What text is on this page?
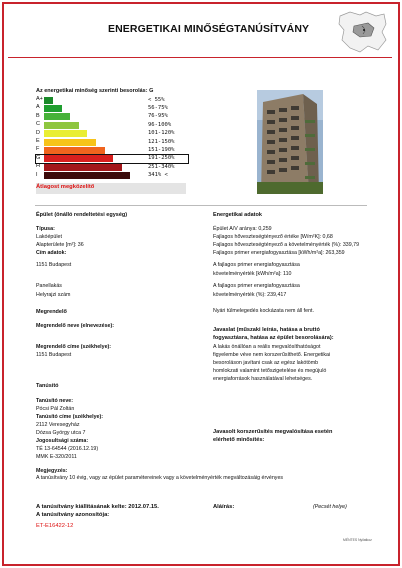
ENERGETIKAI MINŐSÉGTANÚSÍTVÁNY
Az energetikai minőség szerinti besorolás: G
A+	< 55%
A	56-75%
B	76-95%
C	96-100%
D	101-120%
E	121-150%
F	151-190%
G	191-250%
H	251-340%
I	341% <
Átlagost megközelítő
Épület (önálló rendeltetési egység)	Energetikai adatok
Típusa:
Lakóépület
Alapterülete [m²]: 36
Cím adatok:
1151 Budapest
Panellakás
Helyrajzi szám
Épület A/V aránya: 0,259
Fajlagos hőveszteségtényező értéke [W/m²K]: 0,68
Fajlagos hőveszteségtényező a követelményérték (%): 339,79
Fajlagos primer energiafogyasztása [kWh/m²a]: 263,359
A fajlagos primer energiafogyasztása
követelményérték [kWh/m²a]: 110
A fajlagos primer energiafogyasztása
követelményérték (%): 239,417
Megrendelő	Nyári túlmelegedés kockázata nem áll fent.
Megrendelő neve (elnevezése):
Megrendelő címe (székhelye):
1151 Budapest
Javaslat (műszaki leírás, hatása a bruttó
fogyasztásra, hatása az épület besorolására):
A lakás önállóan a reális megvalósíthatóságot
figyelembe véve nem korszerűsíthető. Energetikai
besoroláson javítani csak az egész lakótömb
homlokzati valamint tetőszigetelése és megújuló
energiaforrások használatával lehetséges.
Tanúsító
Tanúsító neve:
Pócsi Pál Zoltán
Tanúsító címe (székhelye):
2112 Veresegyház
Dózsa György utca 7
Jogosultsági száma:
TÉ 13-64544 (2016.12.19)
MMK E-320/2011
Javasolt korszerűsítés megvalósítása esetén
elérhető minősítés:
Megjegyzés:
A tanúsítvány 10 évig, vagy az épület paramétereinek vagy a követelményérték megváltozásáig érvényes
A tanúsítvány kiállításának kelte: 2012.07.15.
A tanúsítvány azonosítója:
ET-E16422-12
Aláírás:	(Pecsét helye)
MÉNTES Nyilatkoz
